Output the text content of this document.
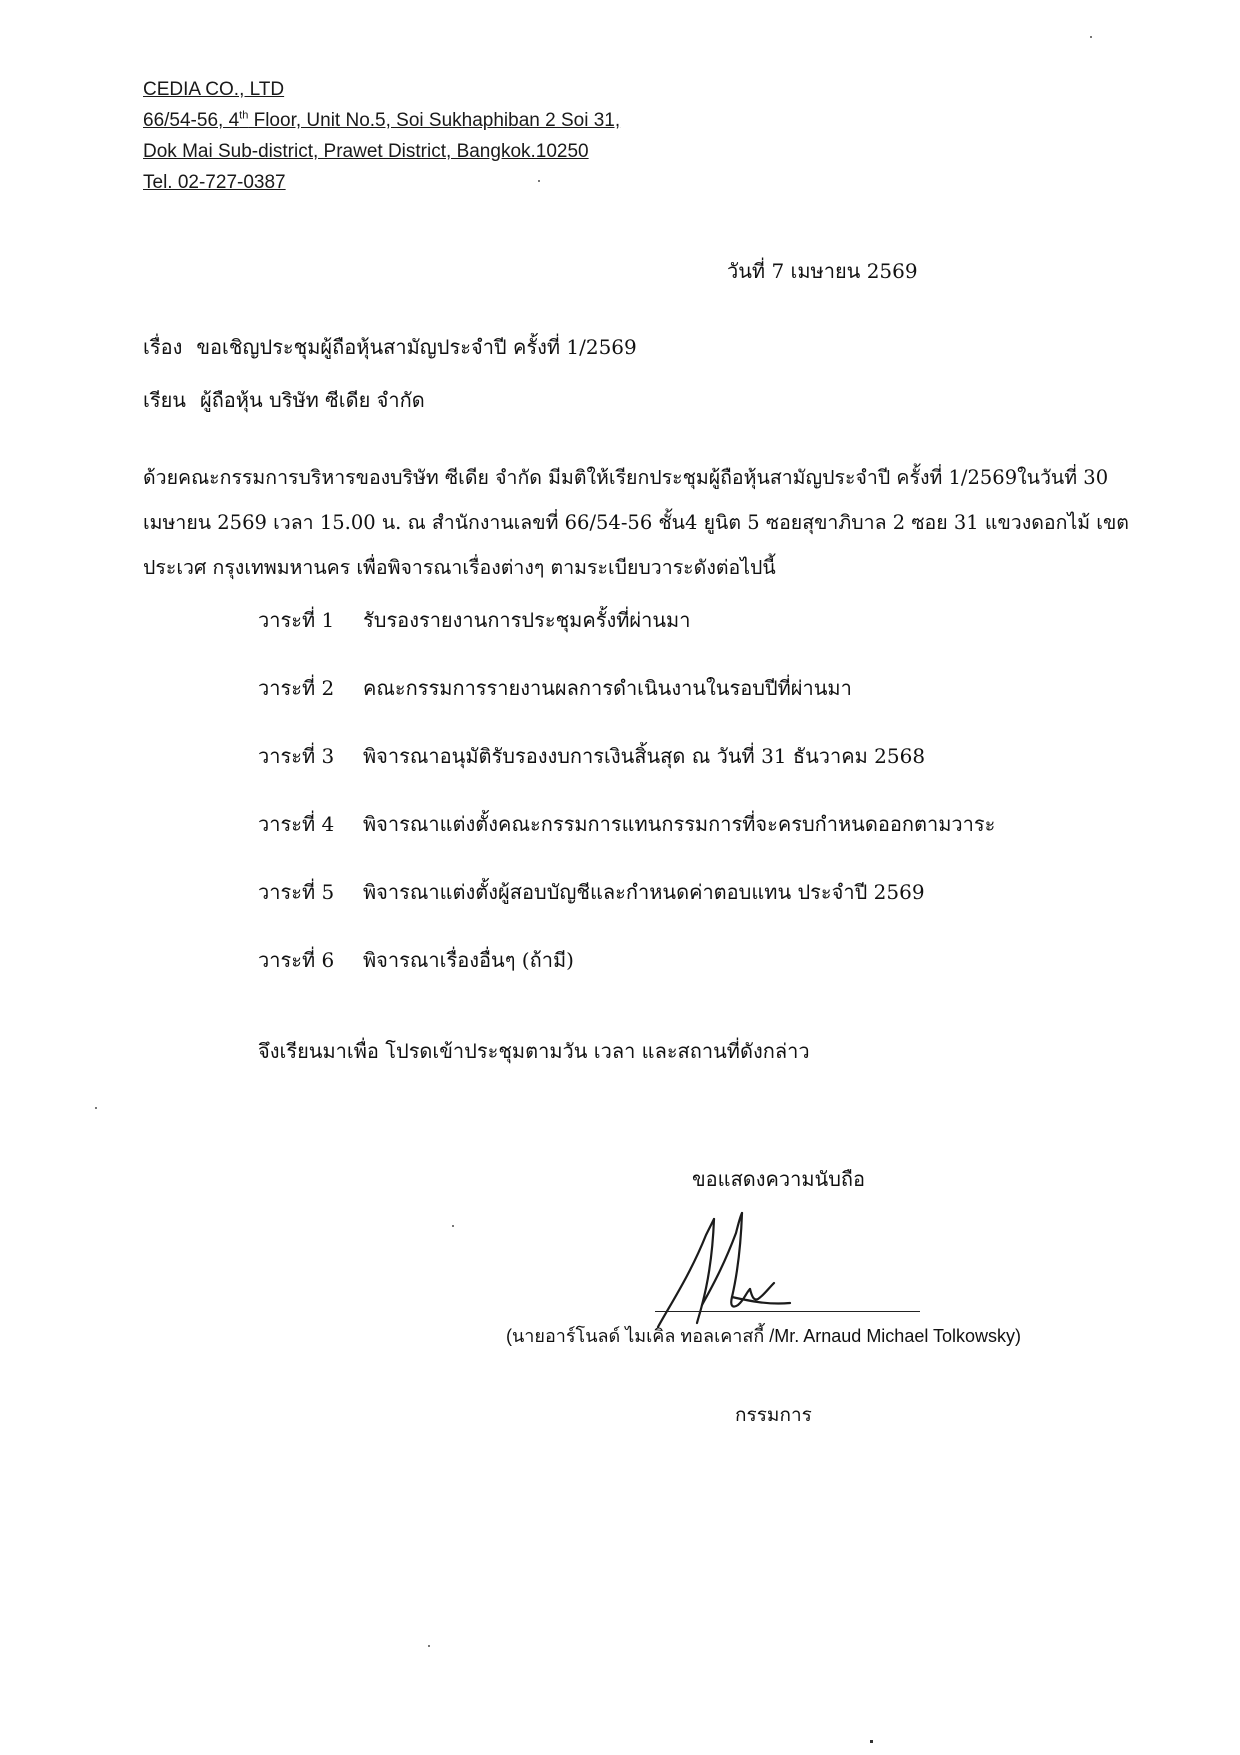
CEDIA CO., LTD
66/54-56, 4th Floor, Unit No.5, Soi Sukhaphiban 2 Soi 31,
Dok Mai Sub-district, Prawet District, Bangkok.10250
Tel. 02-727-0387
วันที่ 7 เมษายน 2569
เรื่อง ขอเชิญประชุมผู้ถือหุ้นสามัญประจำปี ครั้งที่ 1/2569
เรียน ผู้ถือหุ้น บริษัท ซีเดีย จำกัด
ด้วยคณะกรรมการบริหารของบริษัท ซีเดีย จำกัด มีมติให้เรียกประชุมผู้ถือหุ้นสามัญประจำปี ครั้งที่ 1/2569ในวันที่ 30
เมษายน 2569 เวลา 15.00 น. ณ สำนักงานเลขที่ 66/54-56 ชั้น4 ยูนิต 5 ซอยสุขาภิบาล 2 ซอย 31 แขวงดอกไม้ เขต
ประเวศ กรุงเทพมหานคร เพื่อพิจารณาเรื่องต่างๆ ตามระเบียบวาระดังต่อไปนี้
วาระที่ 1 รับรองรายงานการประชุมครั้งที่ผ่านมา
วาระที่ 2 คณะกรรมการรายงานผลการดำเนินงานในรอบปีที่ผ่านมา
วาระที่ 3 พิจารณาอนุมัติรับรองงบการเงินสิ้นสุด ณ วันที่ 31 ธันวาคม 2568
วาระที่ 4 พิจารณาแต่งตั้งคณะกรรมการแทนกรรมการที่จะครบกำหนดออกตามวาระ
วาระที่ 5 พิจารณาแต่งตั้งผู้สอบบัญชีและกำหนดค่าตอบแทน ประจำปี 2569
วาระที่ 6 พิจารณาเรื่องอื่นๆ (ถ้ามี)
จึงเรียนมาเพื่อ โปรดเข้าประชุมตามวัน เวลา และสถานที่ดังกล่าว
ขอแสดงความนับถือ
(นายอาร์โนลด์ ไมเคิล ทอลเคาสกี้ /Mr. Arnaud Michael Tolkowsky)
กรรมการ
